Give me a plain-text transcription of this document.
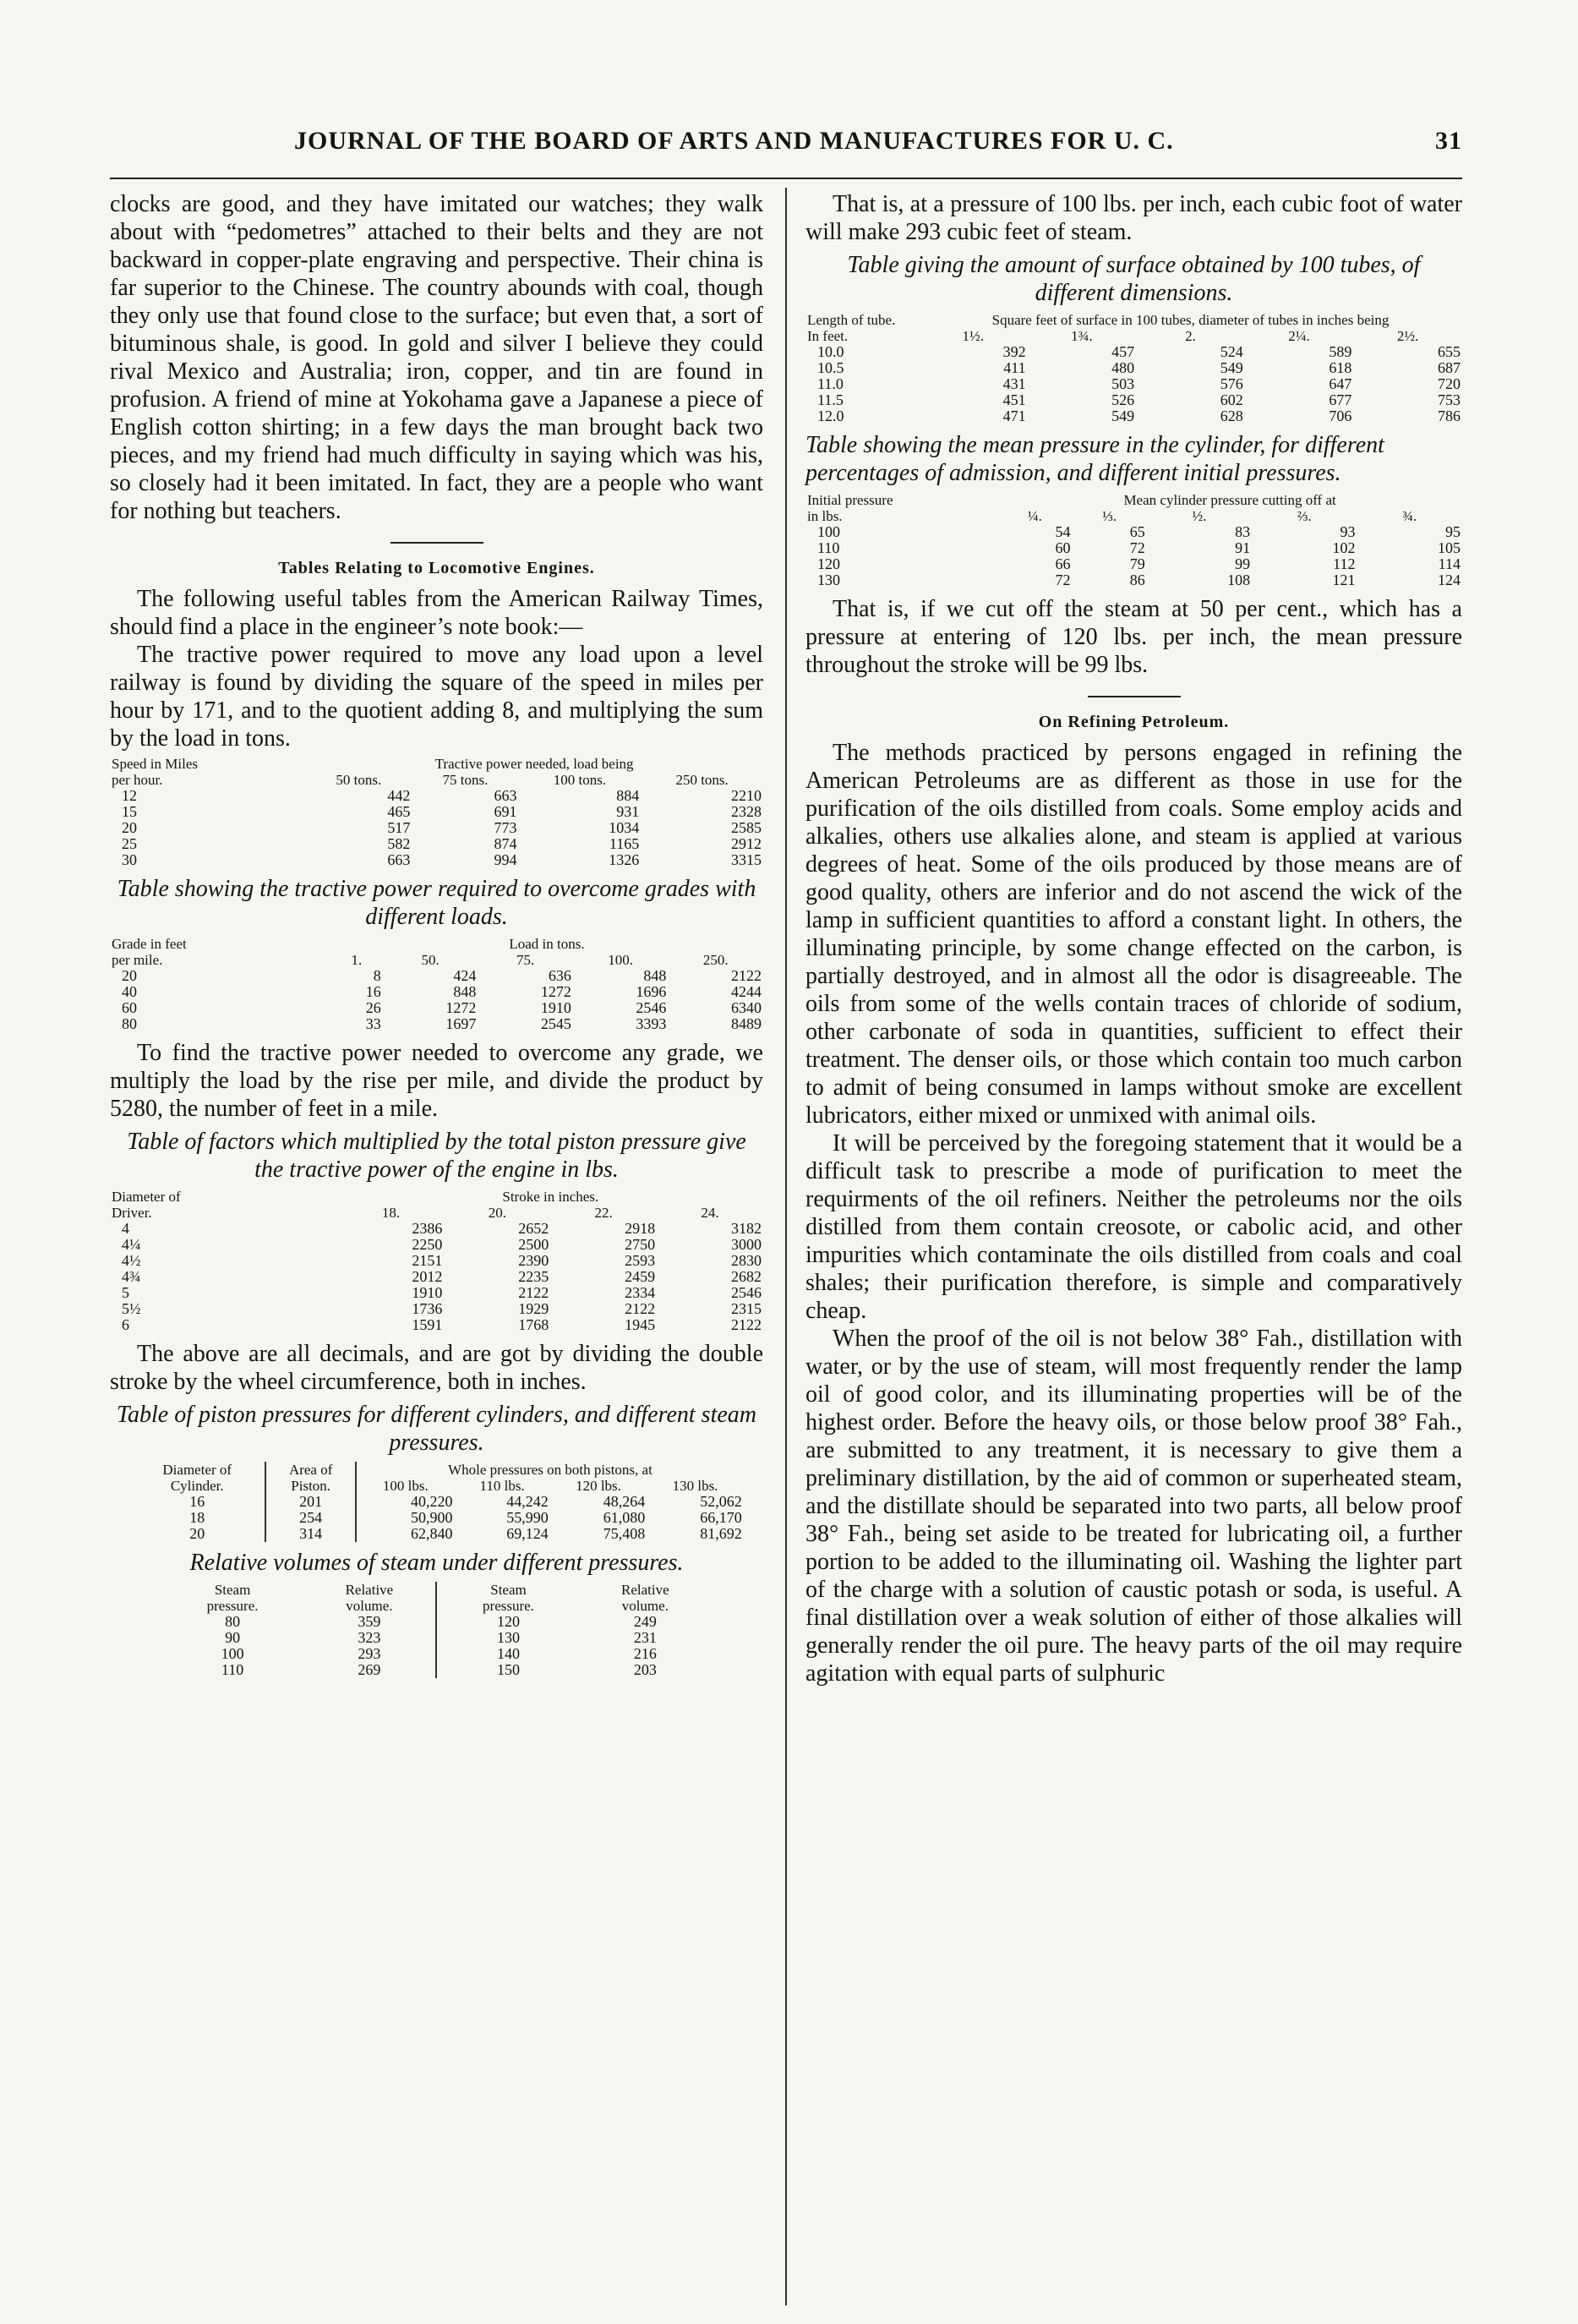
JOURNAL OF THE BOARD OF ARTS AND MANUFACTURES FOR U. C.	31

clocks are good, and they have imitated our watches; they walk about with “pedometres” attached to their belts and they are not backward in copper-plate engraving and perspective. Their china is far superior to the Chinese. The country abounds with coal, though they only use that found close to the surface; but even that, a sort of bituminous shale, is good. In gold and silver I believe they could rival Mexico and Australia; iron, copper, and tin are found in profusion. A friend of mine at Yokohama gave a Japanese a piece of English cotton shirting; in a few days the man brought back two pieces, and my friend had much difficulty in saying which was his, so closely had it been imitated. In fact, they are a people who want for nothing but teachers.

Tables Relating to Locomotive Engines.

The following useful tables from the American Railway Times, should find a place in the engineer’s note book:—

The tractive power required to move any load upon a level railway is found by dividing the square of the speed in miles per hour by 171, and to the quotient adding 8, and multiplying the sum by the load in tons.

Speed in Miles	Tractive power needed, load being			
per hour.	50 tons.	75 tons.	100 tons.	250 tons.
12	442	663	884	2210
15	465	691	931	2328
20	517	773	1034	2585
25	582	874	1165	2912
30	663	994	1326	3315
Table showing the tractive power required to overcome grades with different loads.
Grade in feet	Load in tons.				
per mile.	1.	50.	75.	100.	250.
20	8	424	636	848	2122
40	16	848	1272	1696	4244
60	26	1272	1910	2546	6340
80	33	1697	2545	3393	8489

To find the tractive power needed to overcome any grade, we multiply the load by the rise per mile, and divide the product by 5280, the number of feet in a mile.

Table of factors which multiplied by the total piston pressure give the tractive power of the engine in lbs.
Diameter of	Stroke in inches.			
Driver.	18.	20.	22.	24.
4	2386	2652	2918	3182
4¼	2250	2500	2750	3000
4½	2151	2390	2593	2830
4¾	2012	2235	2459	2682
5	1910	2122	2334	2546
5½	1736	1929	2122	2315
6	1591	1768	1945	2122

The above are all decimals, and are got by dividing the double stroke by the wheel circumference, both in inches.

Table of piston pressures for different cylinders, and different steam pressures.
Diameter of	Area of	Whole pressures on both pistons, at			
Cylinder.	Piston.	100 lbs.	110 lbs.	120 lbs.	130 lbs.
16	201	40,220	44,242	48,264	52,062
18	254	50,900	55,990	61,080	66,170
20	314	62,840	69,124	75,408	81,692
Relative volumes of steam under different pressures.
Steam	Relative	Steam	Relative
pressure.	volume.	pressure.	volume.
80	359	120	249
90	323	130	231
100	293	140	216
110	269	150	203

That is, at a pressure of 100 lbs. per inch, each cubic foot of water will make 293 cubic feet of steam.

Table giving the amount of surface obtained by 100 tubes, of different dimensions.
Length of tube.	Square feet of surface in 100 tubes, diameter of tubes in inches being				
In feet.	1½.	1¾.	2.	2¼.	2½.
10.0	392	457	524	589	655
10.5	411	480	549	618	687
11.0	431	503	576	647	720
11.5	451	526	602	677	753
12.0	471	549	628	706	786
Table showing the mean pressure in the cylinder, for different percentages of admission, and different initial pressures.
Initial pressure	Mean cylinder pressure cutting off at				
in lbs.	¼.	⅓.	½.	⅔.	¾.
100	54	65	83	93	95
110	60	72	91	102	105
120	66	79	99	112	114
130	72	86	108	121	124

That is, if we cut off the steam at 50 per cent., which has a pressure at entering of 120 lbs. per inch, the mean pressure throughout the stroke will be 99 lbs.

On Refining Petroleum.

The methods practiced by persons engaged in refining the American Petroleums are as different as those in use for the purification of the oils distilled from coals. Some employ acids and alkalies, others use alkalies alone, and steam is applied at various degrees of heat. Some of the oils produced by those means are of good quality, others are inferior and do not ascend the wick of the lamp in sufficient quantities to afford a constant light. In others, the illuminating principle, by some change effected on the carbon, is partially destroyed, and in almost all the odor is disagreeable. The oils from some of the wells contain traces of chloride of sodium, other carbonate of soda in quantities, sufficient to effect their treatment. The denser oils, or those which contain too much carbon to admit of being consumed in lamps without smoke are excellent lubricators, either mixed or unmixed with animal oils.

It will be perceived by the foregoing statement that it would be a difficult task to prescribe a mode of purification to meet the requirments of the oil refiners. Neither the petroleums nor the oils distilled from them contain creosote, or cabolic acid, and other impurities which contaminate the oils distilled from coals and coal shales; their purification therefore, is simple and comparatively cheap.

When the proof of the oil is not below 38° Fah., distillation with water, or by the use of steam, will most frequently render the lamp oil of good color, and its illuminating properties will be of the highest order. Before the heavy oils, or those below proof 38° Fah., are submitted to any treatment, it is necessary to give them a preliminary distillation, by the aid of common or superheated steam, and the distillate should be separated into two parts, all below proof 38° Fah., being set aside to be treated for lubricating oil, a further portion to be added to the illuminating oil. Washing the lighter part of the charge with a solution of caustic potash or soda, is useful. A final distillation over a weak solution of either of those alkalies will generally render the oil pure. The heavy parts of the oil may require agitation with equal parts of sulphuric
